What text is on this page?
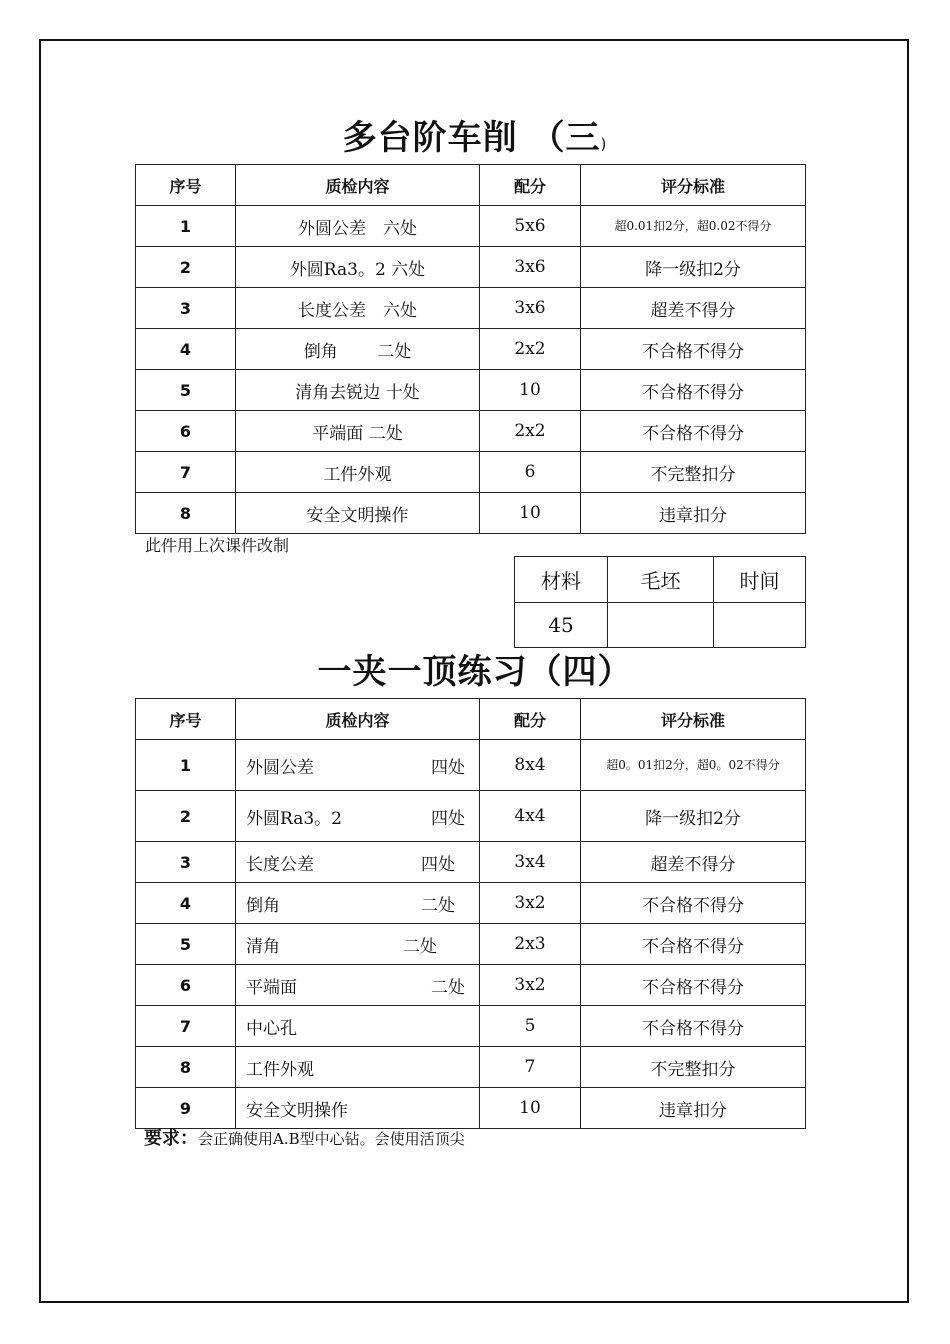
多台阶车削 （三)
序号	质检内容	配分	评分标准
1	外圆公差　六处	5x6	超0.01扣2分，超0.02不得分
2	外圆Ra3。2 六处	3x6	降一级扣2分
3	长度公差　六处	3x6	超差不得分
4	倒角　　 二处	2x2	不合格不得分
5	清角去锐边 十处	10	不合格不得分
6	平端面 二处	2x2	不合格不得分
7	工件外观	6	不完整扣分
8	安全文明操作	10	违章扣分
此件用上次课件改制
材料	毛坯	时间
45		
一夹一顶练习（四）
序号	质检内容	配分	评分标准
1	外圆公差 四处	8x4	超0。01扣2分，超0。02不得分
2	外圆Ra3。2 四处	4x4	降一级扣2分
3	长度公差 四处	3x4	超差不得分
4	倒角 二处	3x2	不合格不得分
5	清角 二处	2x3	不合格不得分
6	平端面 二处	3x2	不合格不得分
7	中心孔	5	不合格不得分
8	工件外观	7	不完整扣分
9	安全文明操作	10	违章扣分
要求：会正确使用A.B型中心钻。会使用活顶尖
